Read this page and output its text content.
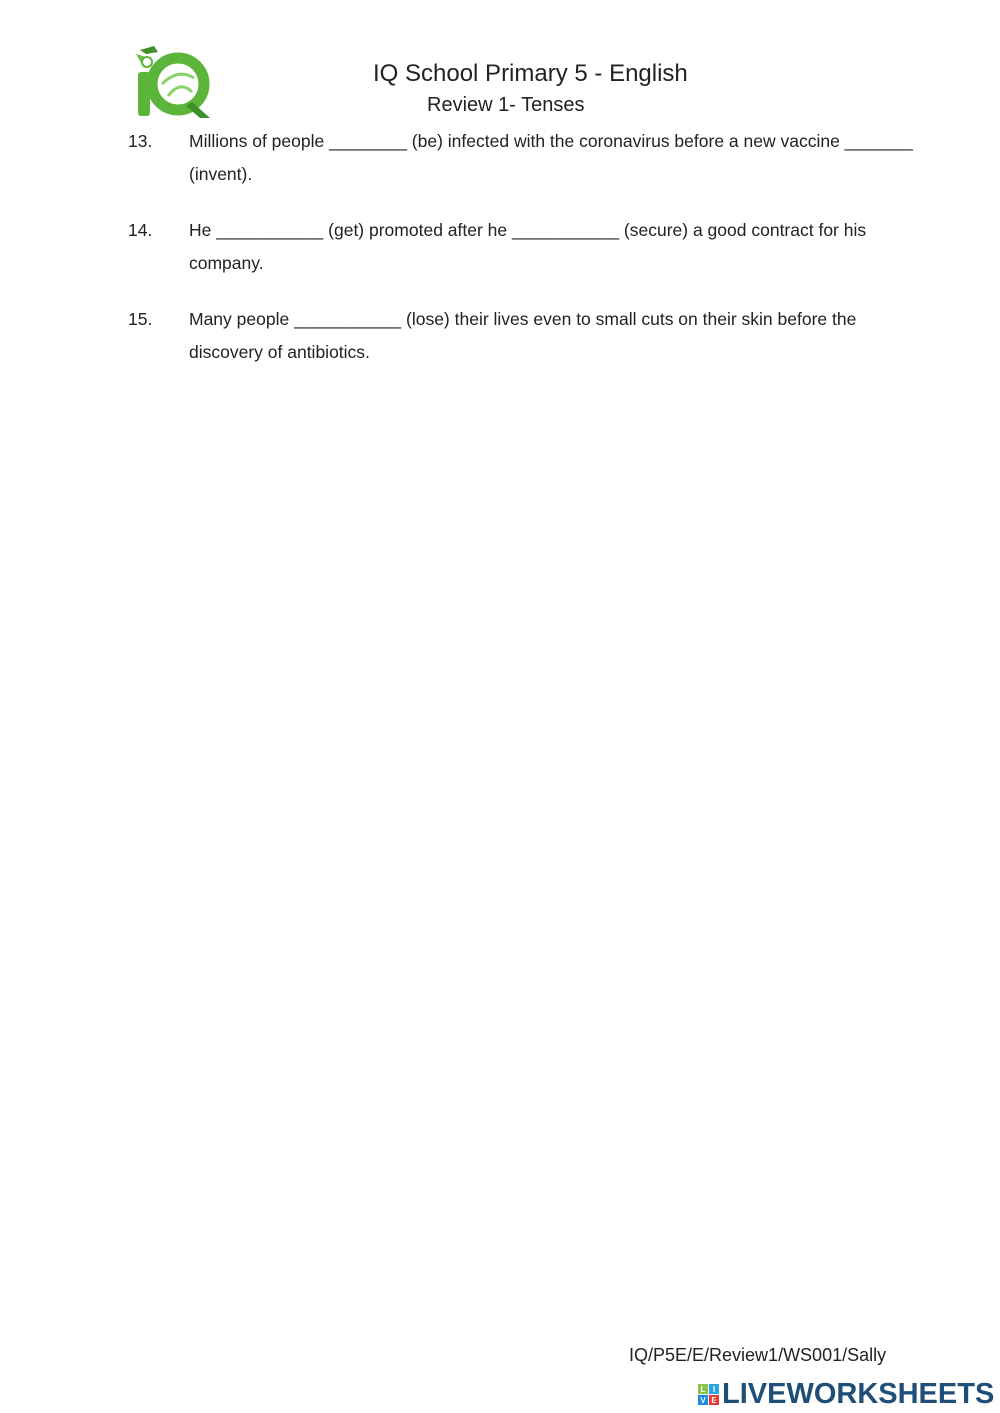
IQ School Primary 5 - English
Review 1- Tenses
13. Millions of people ________ (be) infected with the coronavirus before a new vaccine _______ (invent).
14. He ___________ (get) promoted after he ___________ (secure) a good contract for his company.
15. Many people ___________ (lose) their lives even to small cuts on their skin before the discovery of antibiotics.
IQ/P5E/E/Review1/WS001/Sally
L I
V E LIVEWORKSHEETS
